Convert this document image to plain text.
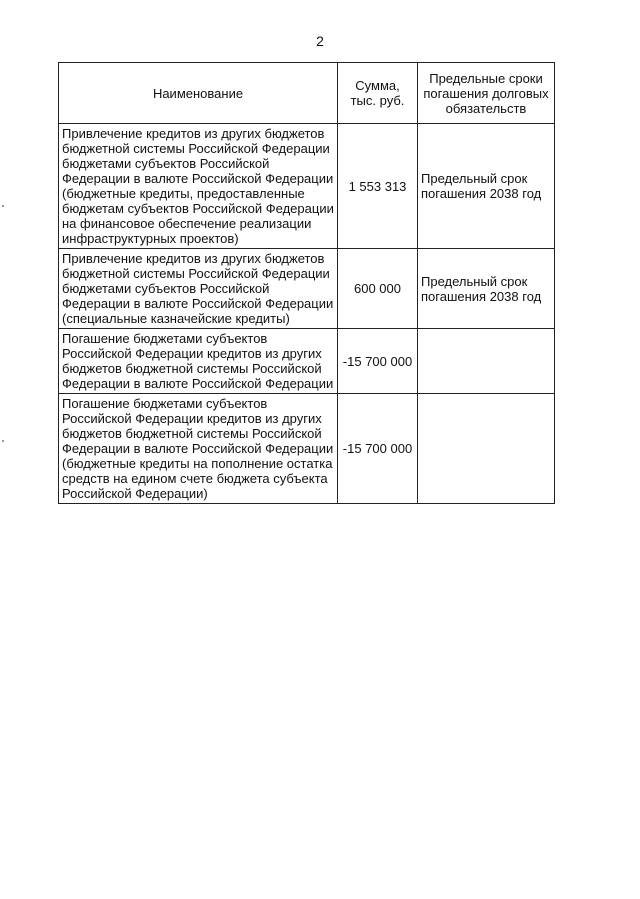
2
Наименование	Сумма, тыс. руб.	Предельные сроки погашения долговых обязательств
Привлечение кредитов из других бюджетов бюджетной системы Российской Федерации бюджетами субъектов Российской Федерации в валюте Российской Федерации (бюджетные кредиты, предоставленные бюджетам субъектов Российской Федерации на финансовое обеспечение реализации инфраструктурных проектов)	1 553 313	Предельный срок погашения 2038 год
Привлечение кредитов из других бюджетов бюджетной системы Российской Федерации бюджетами субъектов Российской Федерации в валюте Российской Федерации (специальные казначейские кредиты)	600 000	Предельный срок погашения 2038 год
Погашение бюджетами субъектов Российской Федерации кредитов из других бюджетов бюджетной системы Российской Федерации в валюте Российской Федерации	-15 700 000	
Погашение бюджетами субъектов Российской Федерации кредитов из других бюджетов бюджетной системы Российской Федерации в валюте Российской Федерации (бюджетные кредиты на пополнение остатка средств на едином счете бюджета субъекта Российской Федерации)	-15 700 000	
